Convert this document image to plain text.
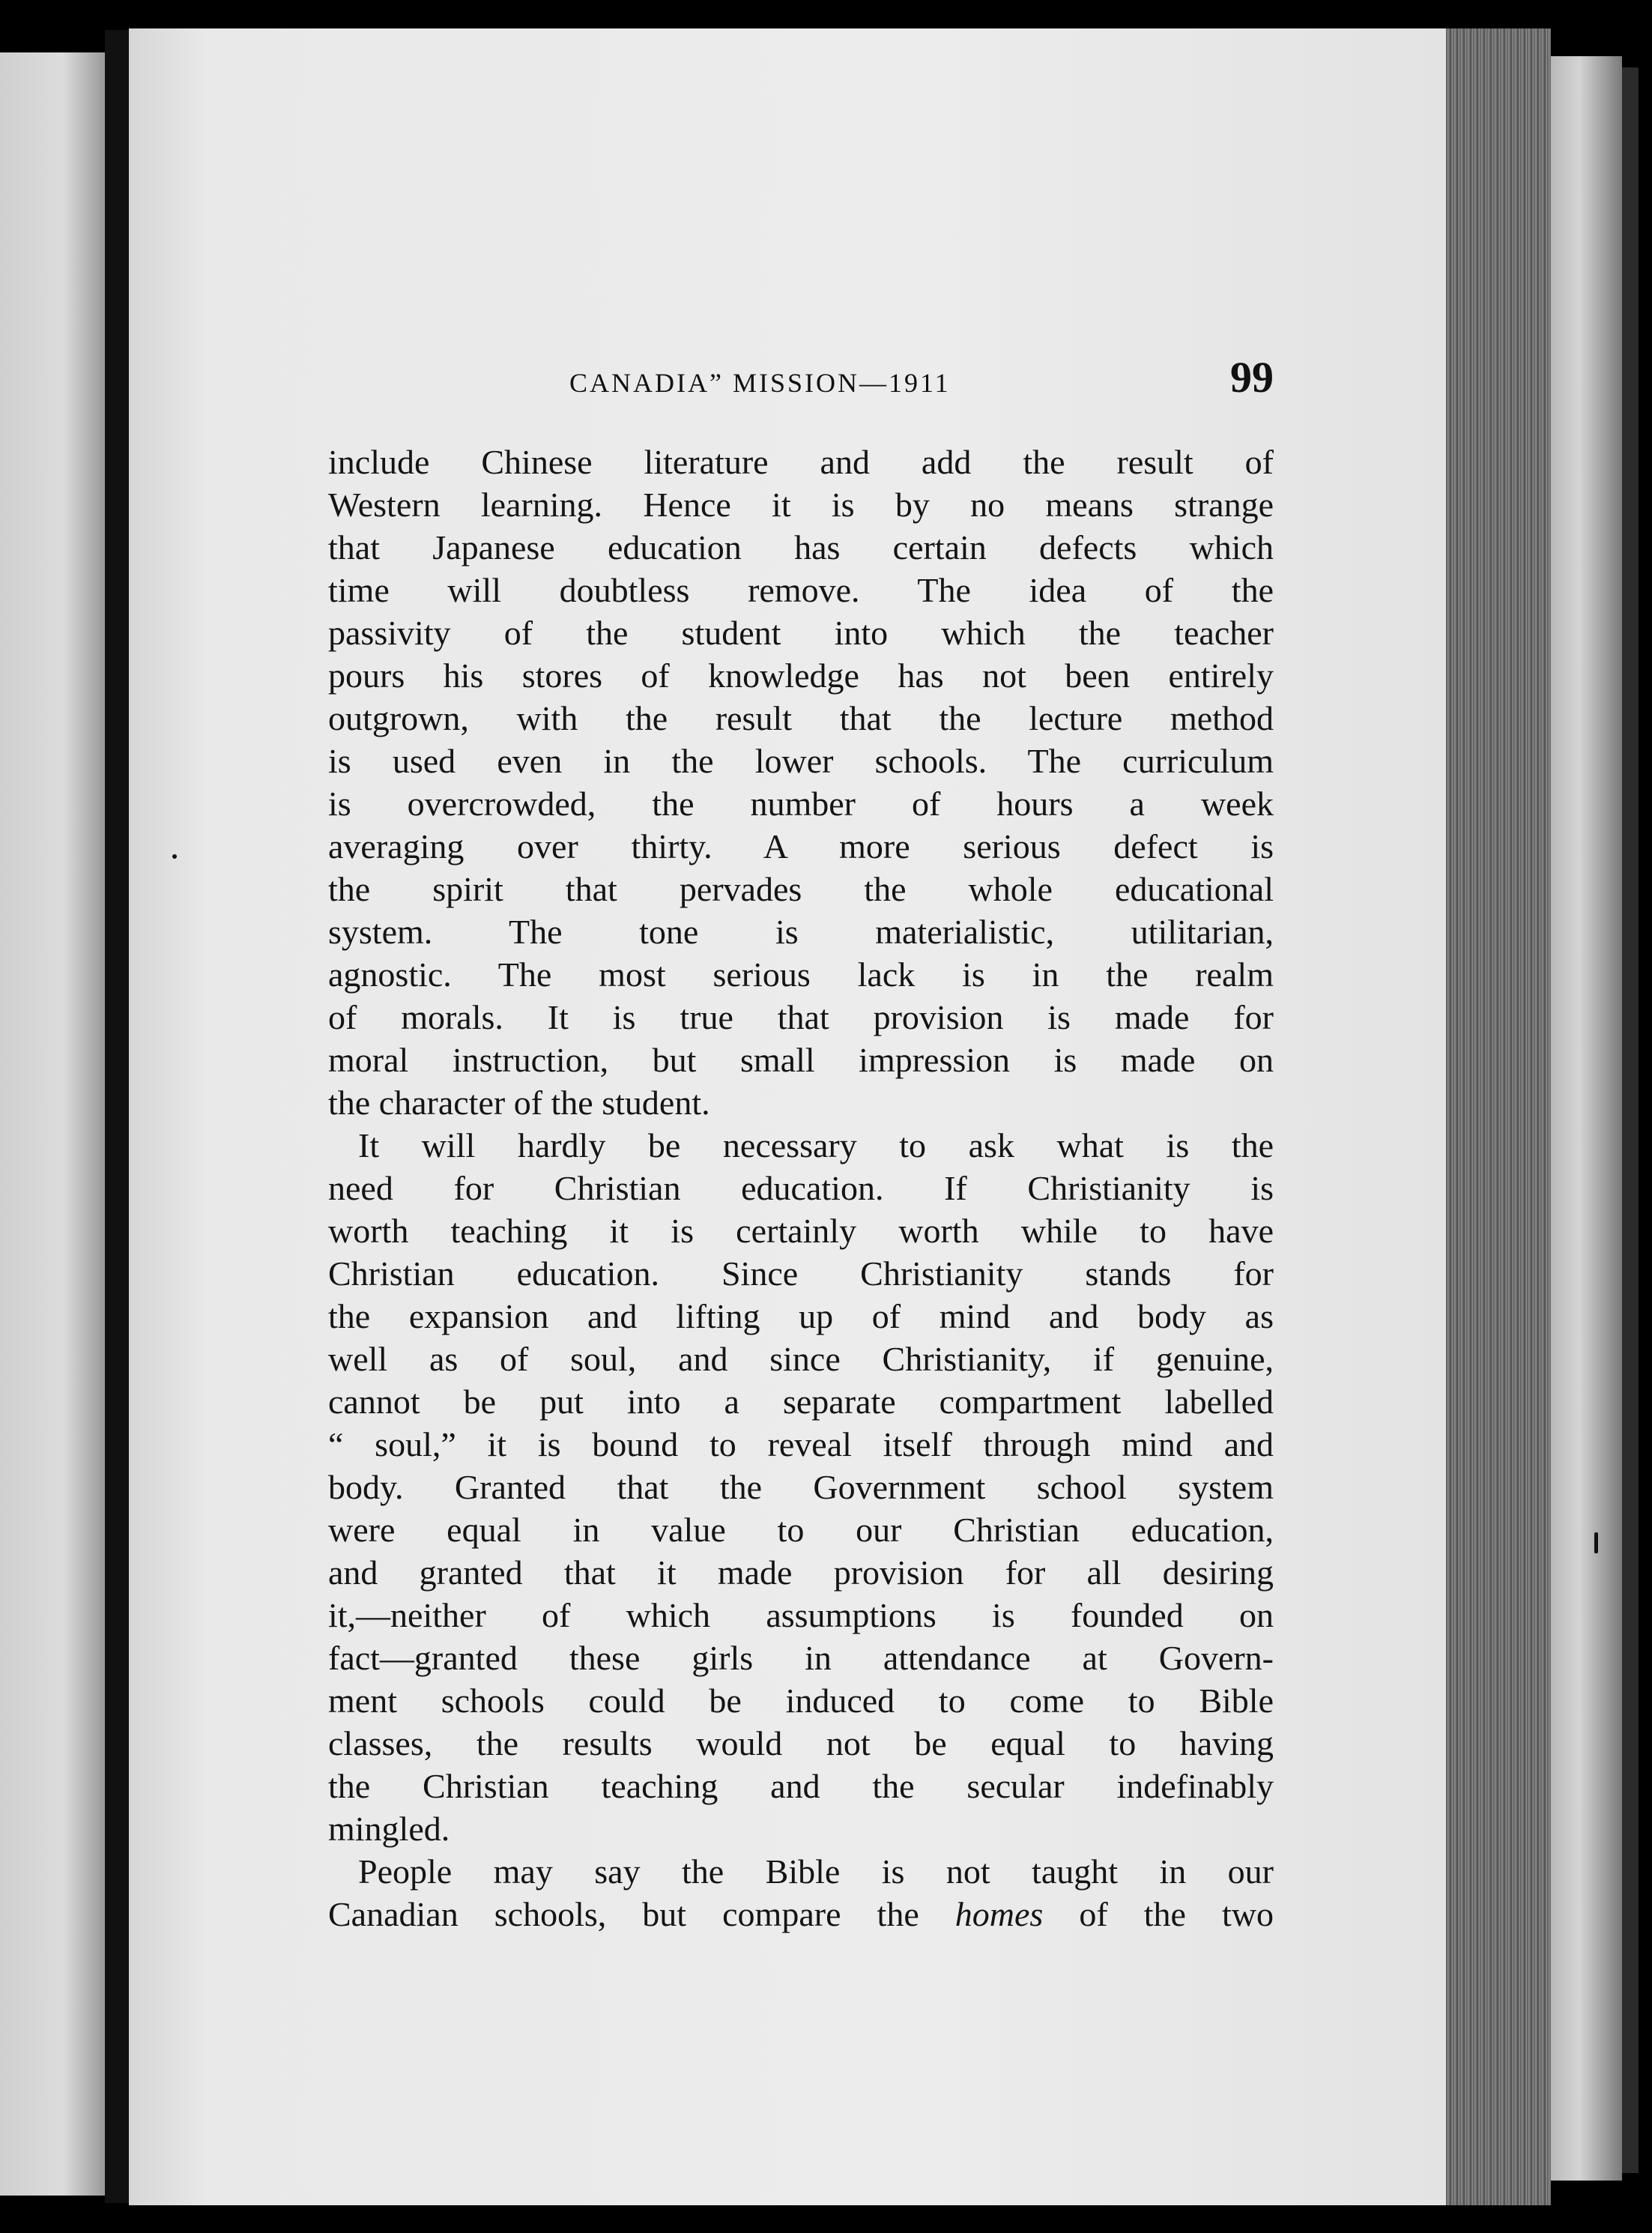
CANADIA” MISSION—1911	99
include Chinese literature and add the result of
Western learning. Hence it is by no means strange
that Japanese education has certain defects which
time will doubtless remove. The idea of the
passivity of the student into which the teacher
pours his stores of knowledge has not been entirely
outgrown, with the result that the lecture method
is used even in the lower schools. The curriculum
is overcrowded, the number of hours a week
averaging over thirty. A more serious defect is
the spirit that pervades the whole educational
system. The tone is materialistic, utilitarian,
agnostic. The most serious lack is in the realm
of morals. It is true that provision is made for
moral instruction, but small impression is made on
the character of the student.
It will hardly be necessary to ask what is the
need for Christian education. If Christianity is
worth teaching it is certainly worth while to have
Christian education. Since Christianity stands for
the expansion and lifting up of mind and body as
well as of soul, and since Christianity, if genuine,
cannot be put into a separate compartment labelled
“ soul,” it is bound to reveal itself through mind and
body. Granted that the Government school system
were equal in value to our Christian education,
and granted that it made provision for all desiring
it,—neither of which assumptions is founded on
fact—granted these girls in attendance at Govern-
ment schools could be induced to come to Bible
classes, the results would not be equal to having
the Christian teaching and the secular indefinably
mingled.
People may say the Bible is not taught in our
Canadian schools, but compare the homes of the two
